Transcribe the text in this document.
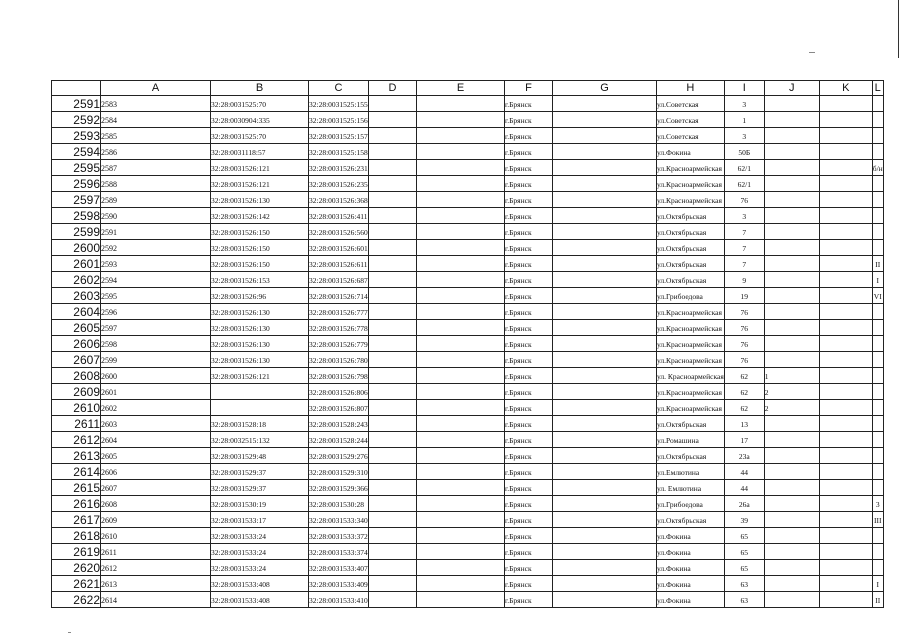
	A	B	C	D	E	F	G	H	I	J	K	L
2591	2583	32:28:0031525:70	32:28:0031525:155			г.Брянск		ул.Советская	3			
2592	2584	32:28:0030904:335	32:28:0031525:156			г.Брянск		ул.Советская	1			
2593	2585	32:28:0031525:70	32:28:0031525:157			г.Брянск		ул.Советская	3			
2594	2586	32:28:0031118:57	32:28:0031525:158			г.Брянск		ул.Фокина	50Б			
2595	2587	32:28:0031526:121	32:28:0031526:231			г.Брянск		ул.Красноармейская	62/1			б/н
2596	2588	32:28:0031526:121	32:28:0031526:235			г.Брянск		ул.Красноармейская	62/1			
2597	2589	32:28:0031526:130	32:28:0031526:368			г.Брянск		ул.Красноармейская	76			
2598	2590	32:28:0031526:142	32:28:0031526:411			г.Брянск		ул.Октябрьская	3			
2599	2591	32:28:0031526:150	32:28:0031526:560			г.Брянск		ул.Октябрьская	7			
2600	2592	32:28:0031526:150	32:28:0031526:601			г.Брянск		ул.Октябрьская	7			
2601	2593	32:28:0031526:150	32:28:0031526:611			г.Брянск		ул.Октябрьская	7			II
2602	2594	32:28:0031526:153	32:28:0031526:687			г.Брянск		ул.Октябрьская	9			I
2603	2595	32:28:0031526:96	32:28:0031526:714			г.Брянск		ул.Грибоедова	19			VI
2604	2596	32:28:0031526:130	32:28:0031526:777			г.Брянск		ул.Красноармейская	76			
2605	2597	32:28:0031526:130	32:28:0031526:778			г.Брянск		ул.Красноармейская	76			
2606	2598	32:28:0031526:130	32:28:0031526:779			г.Брянск		ул.Красноармейская	76			
2607	2599	32:28:0031526:130	32:28:0031526:780			г.Брянск		ул.Красноармейская	76			
2608	2600	32:28:0031526:121	32:28:0031526:798			г.Брянск		ул. Красноармейская	62	1		
2609	2601		32:28:0031526:806			г.Брянск		ул.Красноармейская	62	2		
2610	2602		32:28:0031526:807			г.Брянск		ул.Красноармейская	62	2		
2611	2603	32:28:0031528:18	32:28:0031528:243			г.Брянск		ул.Октябрьская	13			
2612	2604	32:28:0032515:132	32:28:0031528:244			г.Брянск		ул.Ромашина	17			
2613	2605	32:28:0031529:48	32:28:0031529:276			г.Брянск		ул.Октябрьская	23а			
2614	2606	32:28:0031529:37	32:28:0031529:310			г.Брянск		ул.Емлютина	44			
2615	2607	32:28:0031529:37	32:28:0031529:366			г.Брянск		ул. Емлютина	44			
2616	2608	32:28:0031530:19	32:28:0031530:28			г.Брянск		ул.Грибоедова	26а			3
2617	2609	32:28:0031533:17	32:28:0031533:340			г.Брянск		ул.Октябрьская	39			III
2618	2610	32:28:0031533:24	32:28:0031533:372			г.Брянск		ул.Фокина	65			
2619	2611	32:28:0031533:24	32:28:0031533:374			г.Брянск		ул.Фокина	65			
2620	2612	32:28:0031533:24	32:28:0031533:407			г.Брянск		ул.Фокина	65			
2621	2613	32:28:0031533:408	32:28:0031533:409			г.Брянск		ул.Фокина	63			I
2622	2614	32:28:0031533:408	32:28:0031533:410			г.Брянск		ул.Фокина	63			II
